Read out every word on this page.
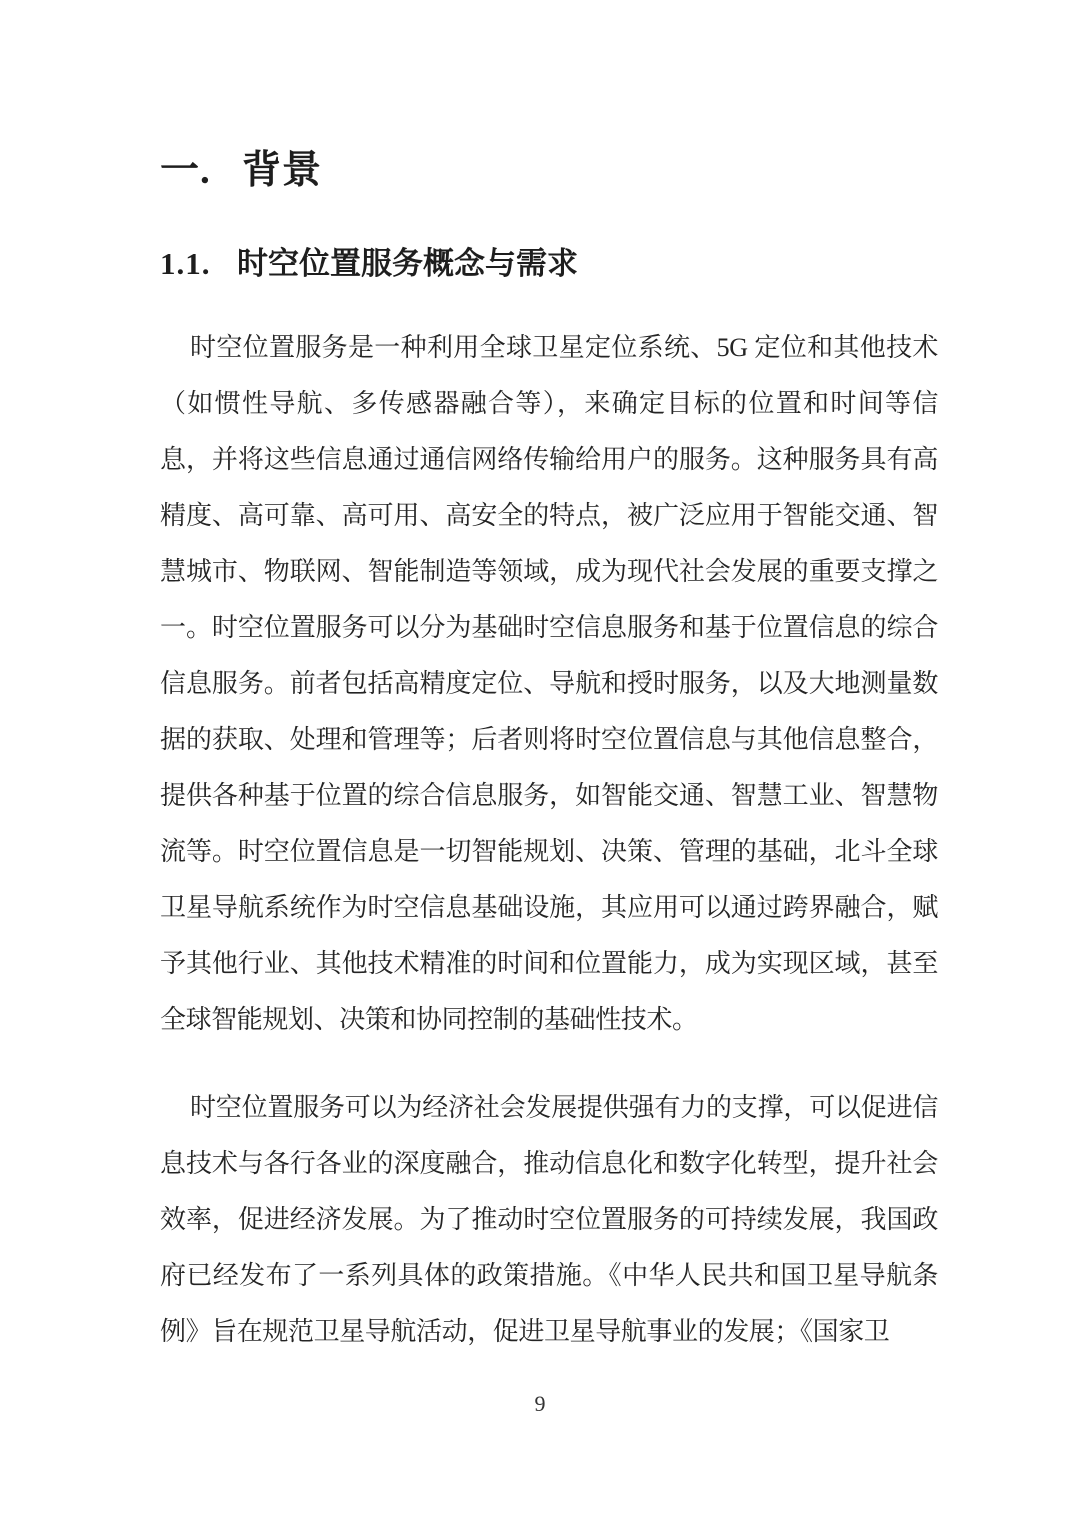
一. 背景
1.1. 时空位置服务概念与需求

时空位置服务是一种利用全球卫星定位系统、5G 定位和其他技术（如惯性导航、多传感器融合等），来确定目标的位置和时间等信息，并将这些信息通过通信网络传输给用户的服务。这种服务具有高精度、高可靠、高可用、高安全的特点，被广泛应用于智能交通、智慧城市、物联网、智能制造等领域，成为现代社会发展的重要支撑之一。时空位置服务可以分为基础时空信息服务和基于位置信息的综合信息服务。前者包括高精度定位、导航和授时服务，以及大地测量数据的获取、处理和管理等；后者则将时空位置信息与其他信息整合，提供各种基于位置的综合信息服务，如智能交通、智慧工业、智慧物流等。时空位置信息是一切智能规划、决策、管理的基础，北斗全球卫星导航系统作为时空信息基础设施，其应用可以通过跨界融合，赋予其他行业、其他技术精准的时间和位置能力，成为实现区域，甚至全球智能规划、决策和协同控制的基础性技术。

时空位置服务可以为经济社会发展提供强有力的支撑，可以促进信息技术与各行各业的深度融合，推动信息化和数字化转型，提升社会效率，促进经济发展。为了推动时空位置服务的可持续发展，我国政府已经发布了一系列具体的政策措施。《中华人民共和国卫星导航条例》旨在规范卫星导航活动，促进卫星导航事业的发展；《国家卫

9
